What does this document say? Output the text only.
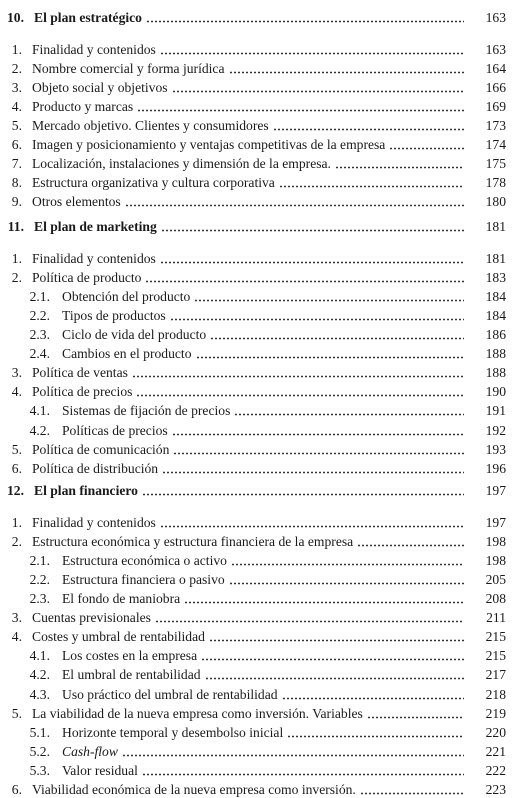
10. El plan estratégico	163
1. Finalidad y contenidos	163
2. Nombre comercial y forma jurídica	164
3. Objeto social y objetivos	166
4. Producto y marcas	169
5. Mercado objetivo. Clientes y consumidores	173
6. Imagen y posicionamiento y ventajas competitivas de la empresa	174
7. Localización, instalaciones y dimensión de la empresa.	175
8. Estructura organizativa y cultura corporativa	178
9. Otros elementos	180
11. El plan de marketing	181
1. Finalidad y contenidos	181
2. Política de producto	183
2.1. Obtención del producto	184
2.2. Tipos de productos	184
2.3. Ciclo de vida del producto	186
2.4. Cambios en el producto	188
3. Política de ventas	188
4. Política de precios	190
4.1. Sistemas de fijación de precios	191
4.2. Políticas de precios	192
5. Política de comunicación	193
6. Política de distribución	196
12. El plan financiero	197
1. Finalidad y contenidos	197
2. Estructura económica y estructura financiera de la empresa	198
2.1. Estructura económica o activo	198
2.2. Estructura financiera o pasivo	205
2.3. El fondo de maniobra	208
3. Cuentas previsionales	211
4. Costes y umbral de rentabilidad	215
4.1. Los costes en la empresa	215
4.2. El umbral de rentabilidad	217
4.3. Uso práctico del umbral de rentabilidad	218
5. La viabilidad de la nueva empresa como inversión. Variables	219
5.1. Horizonte temporal y desembolso inicial	220
5.2. Cash-flow	221
5.3. Valor residual	222
6. Viabilidad económica de la nueva empresa como inversión.	223
